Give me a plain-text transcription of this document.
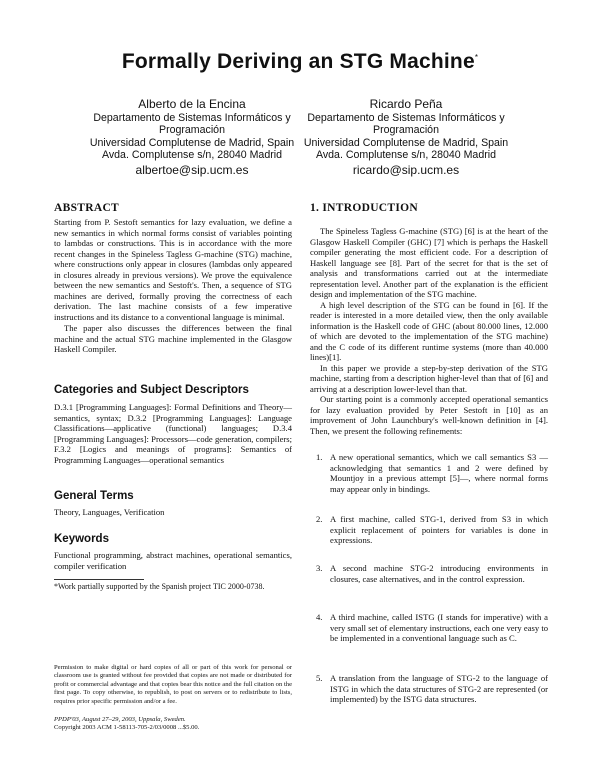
Formally Deriving an STG Machine*
Alberto de la Encina
Departamento de Sistemas Informáticos y Programación
Universidad Complutense de Madrid, Spain
Avda. Complutense s/n, 28040 Madrid
albertoe@sip.ucm.es
Ricardo Peña
Departamento de Sistemas Informáticos y Programación
Universidad Complutense de Madrid, Spain
Avda. Complutense s/n, 28040 Madrid
ricardo@sip.ucm.es
ABSTRACT

Starting from P. Sestoft semantics for lazy evaluation, we define a new semantics in which normal forms consist of variables pointing to lambdas or constructions. This is in accordance with the more recent changes in the Spineless Tagless G-machine (STG) machine, where constructions only appear in closures (lambdas only appeared in closures already in previous versions). We prove the equivalence between the new semantics and Sestoft's. Then, a sequence of STG machines are derived, formally proving the correctness of each derivation. The last machine consists of a few imperative instructions and its distance to a conventional language is minimal.

The paper also discusses the differences between the final machine and the actual STG machine implemented in the Glasgow Haskell Compiler.

Categories and Subject Descriptors
D.3.1 [Programming Languages]: Formal Definitions and Theory—semantics, syntax; D.3.2 [Programming Languages]: Language Classifications—applicative (functional) languages; D.3.4 [Programming Languages]: Processors—code generation, compilers; F.3.2 [Logics and meanings of programs]: Semantics of Programming Languages—operational semantics
General Terms
Theory, Languages, Verification
Keywords
Functional programming, abstract machines, operational semantics, compiler verification
*Work partially supported by the Spanish project TIC 2000-0738.
Permission to make digital or hard copies of all or part of this work for personal or classroom use is granted without fee provided that copies are not made or distributed for profit or commercial advantage and that copies bear this notice and the full citation on the first page. To copy otherwise, to republish, to post on servers or to redistribute to lists, requires prior specific permission and/or a fee.
PPDP'03, August 27–29, 2003, Uppsala, Sweden.
Copyright 2003 ACM 1-58113-705-2/03/0008 ...$5.00.
1. INTRODUCTION

The Spineless Tagless G-machine (STG) [6] is at the heart of the Glasgow Haskell Compiler (GHC) [7] which is perhaps the Haskell compiler generating the most efficient code. For a description of Haskell language see [8]. Part of the secret for that is the set of analysis and transformations carried out at the intermediate representation level. Another part of the explanation is the efficient design and implementation of the STG machine.

A high level description of the STG can be found in [6]. If the reader is interested in a more detailed view, then the only available information is the Haskell code of GHC (about 80.000 lines, 12.000 of which are devoted to the implementation of the STG machine) and the C code of its different runtime systems (more than 40.000 lines)[1].

In this paper we provide a step-by-step derivation of the STG machine, starting from a description higher-level than that of [6] and arriving at a description lower-level than that.

Our starting point is a commonly accepted operational semantics for lazy evaluation provided by Peter Sestoft in [10] as an improvement of John Launchbury's well-known definition in [4]. Then, we present the following refinements:

1. A new operational semantics, which we call semantics S3 —acknowledging that semantics 1 and 2 were defined by Mountjoy in a previous attempt [5]—, where normal forms may appear only in bindings.
2. A first machine, called STG-1, derived from S3 in which explicit replacement of pointers for variables is done in expressions.
3. A second machine STG-2 introducing environments in closures, case alternatives, and in the control expression.
4. A third machine, called ISTG (I stands for imperative) with a very small set of elementary instructions, each one very easy to be implemented in a conventional language such as C.
5. A translation from the language of STG-2 to the language of ISTG in which the data structures of STG-2 are represented (or implemented) by the ISTG data structures.
